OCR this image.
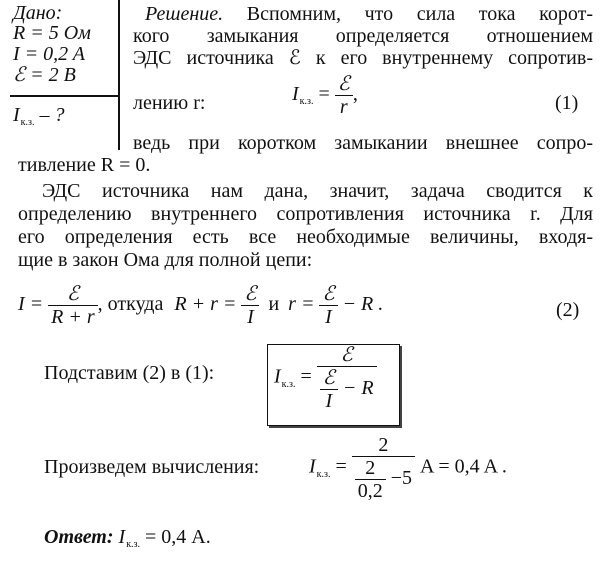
Дано:
R = 5 Ом
I = 0,2 A
ℰ = 2 В
$I_{к.з.}$ – ?
Решение. Вспомним, что сила тока корот-
кого замыкания определяется отношением
ЭДС источника ℰ к его внутреннему сопротив-
лению r:	$I_{к.з.} = \frac{\text{ℰ}}{r}$ ,	(1)
ведь при коротком замыкании внешнее сопро-
тивление R = 0.
ЭДС источника нам дана, значит, задача сводится к
определению внутреннего сопротивления источника r. Для
его определения есть все необходимые величины, входя-
щие в закон Ома для полной цепи:
$I = \frac{\text{ℰ}}{R + r}$ , откуда $R + r = \frac{\text{ℰ}}{I}$ и $r = \frac{\text{ℰ}}{I} - R$ .	(2)
Подставим (2) в (1):	$I_{к.з.} = \frac{\text{ℰ}}{\frac{\text{ℰ}}{I} - R}$
Произведем вычисления: $I_{к.з.} = \frac{2}{\frac{2}{0,2} -5}$ A = 0,4 A .
Ответ: $I_{к.з.} = 0,4$ А.
